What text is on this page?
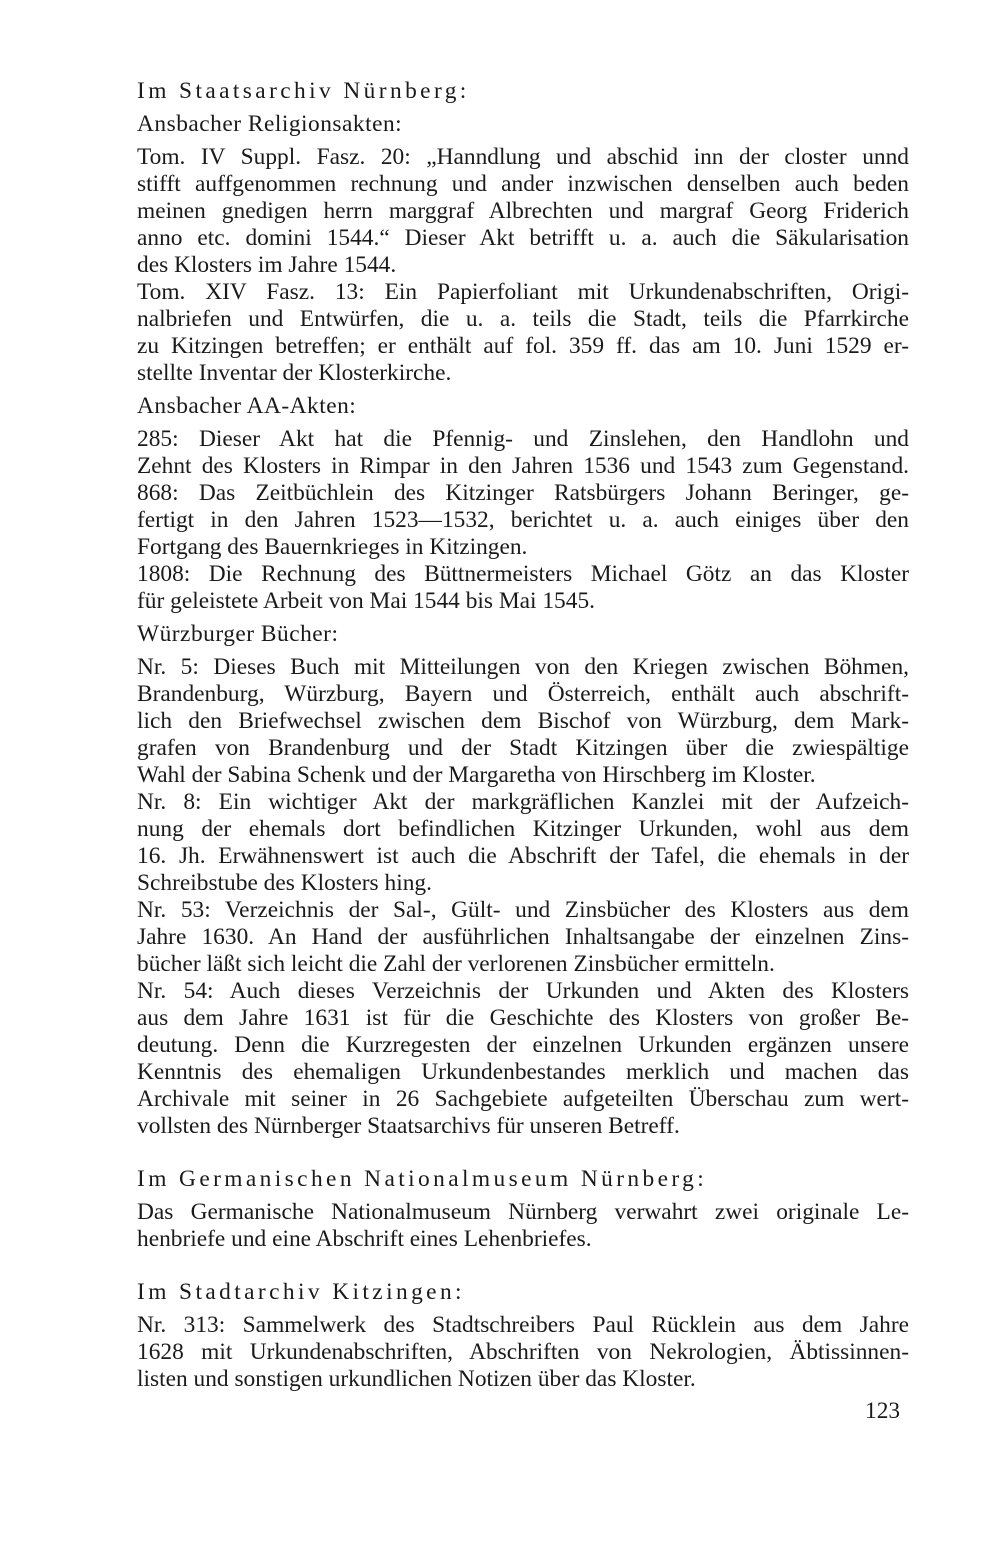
Im Staatsarchiv Nürnberg:
Ansbacher Religionsakten:
Tom. IV Suppl. Fasz. 20: „Hanndlung und abschid inn der closter unnd
stifft auffgenommen rechnung und ander inzwischen denselben auch beden
meinen gnedigen herrn marggraf Albrechten und margraf Georg Friderich
anno etc. domini 1544.“ Dieser Akt betrifft u. a. auch die Säkularisation
des Klosters im Jahre 1544.
Tom. XIV Fasz. 13: Ein Papierfoliant mit Urkundenabschriften, Origi-
nalbriefen und Entwürfen, die u. a. teils die Stadt, teils die Pfarrkirche
zu Kitzingen betreffen; er enthält auf fol. 359 ff. das am 10. Juni 1529 er-
stellte Inventar der Klosterkirche.
Ansbacher AA-Akten:
285: Dieser Akt hat die Pfennig- und Zinslehen, den Handlohn und
Zehnt des Klosters in Rimpar in den Jahren 1536 und 1543 zum Gegenstand.
868: Das Zeitbüchlein des Kitzinger Ratsbürgers Johann Beringer, ge-
fertigt in den Jahren 1523—1532, berichtet u. a. auch einiges über den
Fortgang des Bauernkrieges in Kitzingen.
1808: Die Rechnung des Büttnermeisters Michael Götz an das Kloster
für geleistete Arbeit von Mai 1544 bis Mai 1545.
Würzburger Bücher:
Nr. 5: Dieses Buch mit Mitteilungen von den Kriegen zwischen Böhmen,
Brandenburg, Würzburg, Bayern und Österreich, enthält auch abschrift-
lich den Briefwechsel zwischen dem Bischof von Würzburg, dem Mark-
grafen von Brandenburg und der Stadt Kitzingen über die zwiespältige
Wahl der Sabina Schenk und der Margaretha von Hirschberg im Kloster.
Nr. 8: Ein wichtiger Akt der markgräflichen Kanzlei mit der Aufzeich-
nung der ehemals dort befindlichen Kitzinger Urkunden, wohl aus dem
16. Jh. Erwähnenswert ist auch die Abschrift der Tafel, die ehemals in der
Schreibstube des Klosters hing.
Nr. 53: Verzeichnis der Sal-, Gült- und Zinsbücher des Klosters aus dem
Jahre 1630. An Hand der ausführlichen Inhaltsangabe der einzelnen Zins-
bücher läßt sich leicht die Zahl der verlorenen Zinsbücher ermitteln.
Nr. 54: Auch dieses Verzeichnis der Urkunden und Akten des Klosters
aus dem Jahre 1631 ist für die Geschichte des Klosters von großer Be-
deutung. Denn die Kurzregesten der einzelnen Urkunden ergänzen unsere
Kenntnis des ehemaligen Urkundenbestandes merklich und machen das
Archivale mit seiner in 26 Sachgebiete aufgeteilten Überschau zum wert-
vollsten des Nürnberger Staatsarchivs für unseren Betreff.
Im Germanischen Nationalmuseum Nürnberg:
Das Germanische Nationalmuseum Nürnberg verwahrt zwei originale Le-
henbriefe und eine Abschrift eines Lehenbriefes.
Im Stadtarchiv Kitzingen:
Nr. 313: Sammelwerk des Stadtschreibers Paul Rücklein aus dem Jahre
1628 mit Urkundenabschriften, Abschriften von Nekrologien, Äbtissinnen-
listen und sonstigen urkundlichen Notizen über das Kloster.
123
